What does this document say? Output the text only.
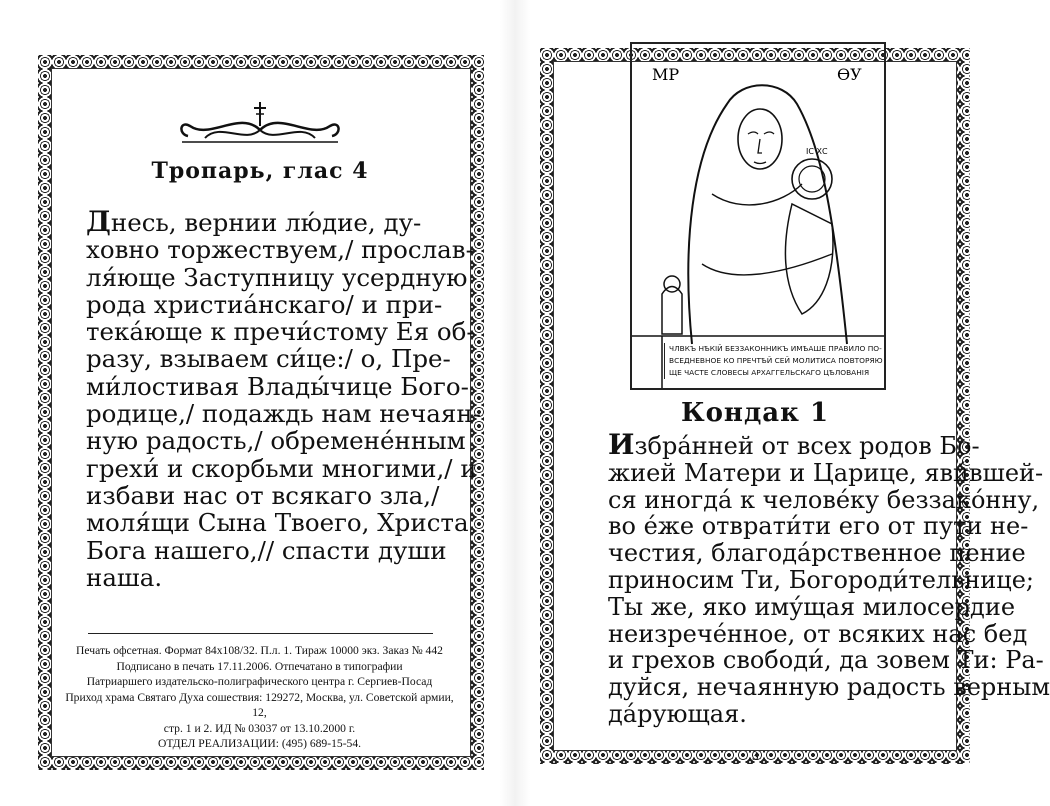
Тропарь, глас 4
Днесь, вернии лю́дие, ду-
ховно торжествуем,/ прослав-
ля́юще Заступницу усердную
рода христиа́нскаго/ и при-
тека́юще к пречи́стому Ея об-
разу, взываем си́це:/ о, Пре-
ми́лостивая Влады́чице Бого-
родице,/ подаждь нам нечаян-
ную радость,/ обремене́нным
грехи́ и скорбьми многими,/ и
избави нас от всякаго зла,/
моля́щи Сына Твоего, Христа
Бога нашего,// спасти души
наша.
Печать офсетная. Формат 84х108/32. П.л. 1. Тираж 10000 экз. Заказ № 442
Подписано в печать 17.11.2006. Отпечатано в типографии
Патриаршего издательско-полиграфического центра г. Сергиев-Посад
Приход храма Святаго Духа сошествия: 129272, Москва, ул. Советской армии, 12,
стр. 1 и 2. ИД № 03037 от 13.10.2000 г.
ОТДЕЛ РЕАЛИЗАЦИИ: (495) 689-15-54.
МР	ѲУ
ІС ХС
ЧЛВКЪ НѢКІЙ БЕЗЗАКОННИКЪ ИМѢАШЕ ПРАВИЛО ПО-
ВСЕДНЕВНОЕ КО ПРЕЧТѢЙ СЕЙ МОЛИТИСА ПОВТОРЯЮ
ЩЕ ЧАСТЕ СЛОВЕСЫ АРХАГГЕЛЬСКАГО ЦѢЛОВАНІЯ
Кондак 1
Избра́нней от всех родов Бо-
жией Матери и Царице, яви́вшей-
ся иногда́ к челове́ку беззако́нну,
во е́же отврати́ти его от пути не-
честия, благода́рственное пение
приносим Ти, Богороди́тельнице;
Ты же, яко иму́щая милосердие
неизрече́нное, от всяких нас бед
и грехов свободи́, да зовем Ти: Ра-
дуйся, нечаянную радость верным
да́рующая.
3
